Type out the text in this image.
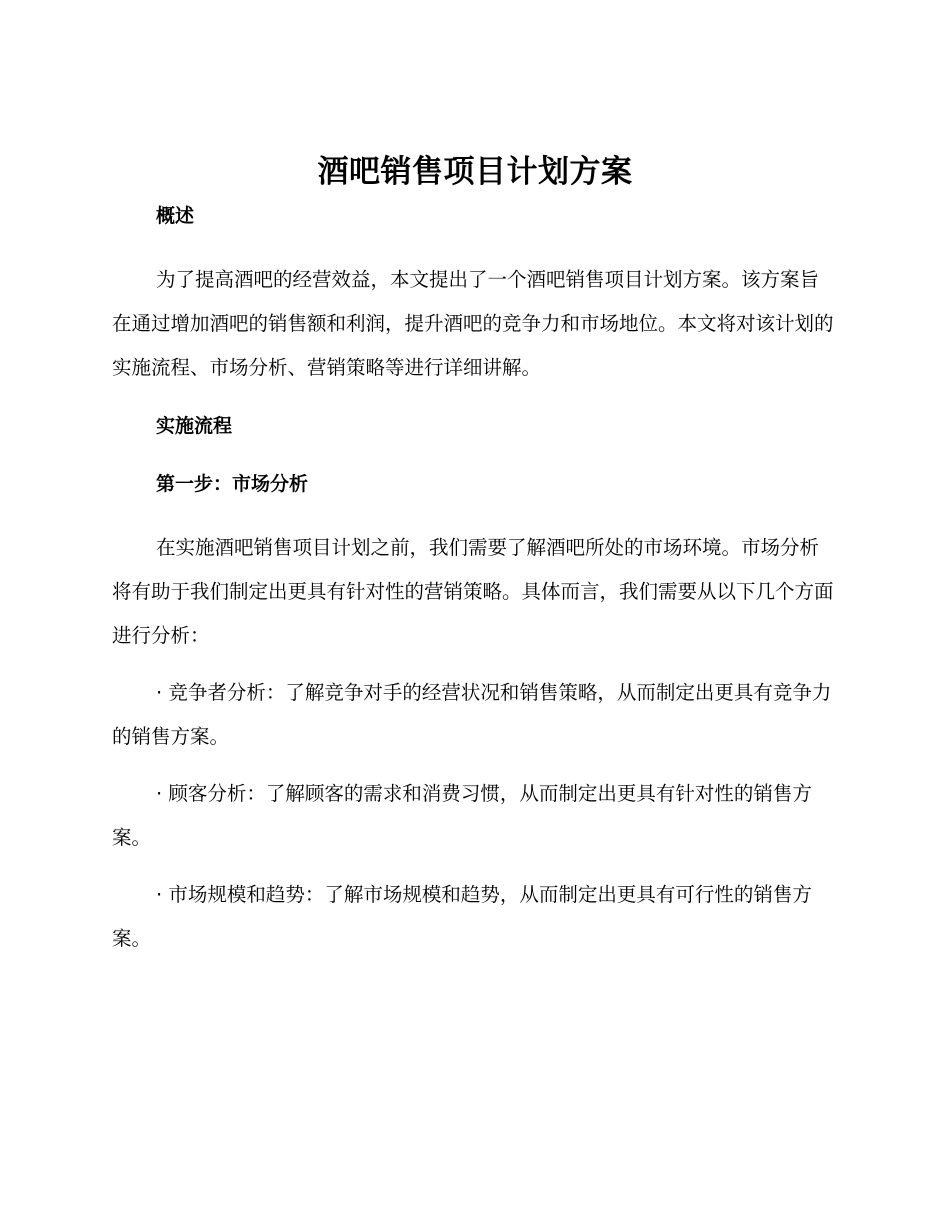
酒吧销售项目计划方案
概述

为了提高酒吧的经营效益，本文提出了一个酒吧销售项目计划方案。该方案旨在通过增加酒吧的销售额和利润，提升酒吧的竞争力和市场地位。本文将对该计划的实施流程、市场分析、营销策略等进行详细讲解。

实施流程
第一步：市场分析

在实施酒吧销售项目计划之前，我们需要了解酒吧所处的市场环境。市场分析将有助于我们制定出更具有针对性的营销策略。具体而言，我们需要从以下几个方面进行分析：

· 竞争者分析：了解竞争对手的经营状况和销售策略，从而制定出更具有竞争力的销售方案。

· 顾客分析：了解顾客的需求和消费习惯，从而制定出更具有针对性的销售方案。

· 市场规模和趋势：了解市场规模和趋势，从而制定出更具有可行性的销售方案。
